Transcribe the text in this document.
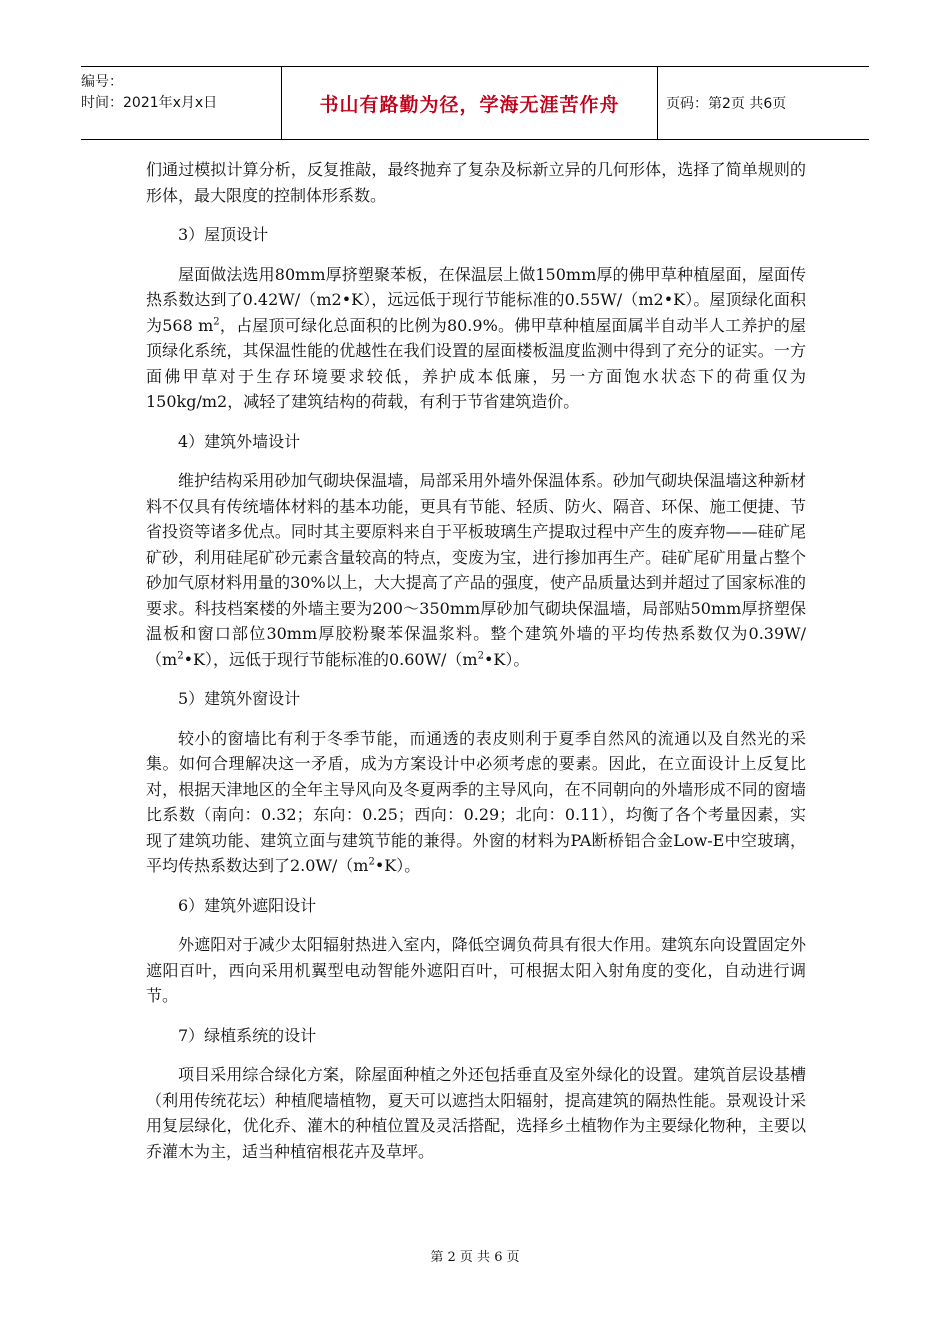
编号：
时间：2021年x月x日	书山有路勤为径，学海无涯苦作舟	页码：第2页 共6页

们通过模拟计算分析，反复推敲，最终抛弃了复杂及标新立异的几何形体，选择了简单规则的形体，最大限度的控制体形系数。

3）屋顶设计

屋面做法选用80mm厚挤塑聚苯板，在保温层上做150mm厚的佛甲草种植屋面，屋面传热系数达到了0.42W/（m2•K），远远低于现行节能标准的0.55W/（m2•K）。屋顶绿化面积为568 $m^2$，占屋顶可绿化总面积的比例为80.9%。佛甲草种植屋面属半自动半人工养护的屋顶绿化系统，其保温性能的优越性在我们设置的屋面楼板温度监测中得到了充分的证实。一方面佛甲草对于生存环境要求较低，养护成本低廉，另一方面饱水状态下的荷重仅为150kg/m2，减轻了建筑结构的荷载，有利于节省建筑造价。

4）建筑外墙设计

维护结构采用砂加气砌块保温墙，局部采用外墙外保温体系。砂加气砌块保温墙这种新材料不仅具有传统墙体材料的基本功能，更具有节能、轻质、防火、隔音、环保、施工便捷、节省投资等诸多优点。同时其主要原料来自于平板玻璃生产提取过程中产生的废弃物——硅矿尾矿砂，利用硅尾矿砂元素含量较高的特点，变废为宝，进行掺加再生产。硅矿尾矿用量占整个砂加气原材料用量的30%以上，大大提高了产品的强度，使产品质量达到并超过了国家标准的要求。科技档案楼的外墙主要为200～350mm厚砂加气砌块保温墙，局部贴50mm厚挤塑保温板和窗口部位30mm厚胶粉聚苯保温浆料。整个建筑外墙的平均传热系数仅为$0.39W/(m^2•K)$，远低于现行节能标准的$0.60W/(m^2•K)$。

5）建筑外窗设计

较小的窗墙比有利于冬季节能，而通透的表皮则利于夏季自然风的流通以及自然光的采集。如何合理解决这一矛盾，成为方案设计中必须考虑的要素。因此，在立面设计上反复比对，根据天津地区的全年主导风向及冬夏两季的主导风向，在不同朝向的外墙形成不同的窗墙比系数（南向：0.32；东向：0.25；西向：0.29；北向：0.11），均衡了各个考量因素，实现了建筑功能、建筑立面与建筑节能的兼得。外窗的材料为PA断桥铝合金Low-E中空玻璃，平均传热系数达到了$2.0W/(m^2•K)$。

6）建筑外遮阳设计

外遮阳对于减少太阳辐射热进入室内，降低空调负荷具有很大作用。建筑东向设置固定外遮阳百叶，西向采用机翼型电动智能外遮阳百叶，可根据太阳入射角度的变化，自动进行调节。

7）绿植系统的设计

项目采用综合绿化方案，除屋面种植之外还包括垂直及室外绿化的设置。建筑首层设基槽（利用传统花坛）种植爬墙植物，夏天可以遮挡太阳辐射，提高建筑的隔热性能。景观设计采用复层绿化，优化乔、灌木的种植位置及灵活搭配，选择乡土植物作为主要绿化物种，主要以乔灌木为主，适当种植宿根花卉及草坪。

第 2 页 共 6 页
